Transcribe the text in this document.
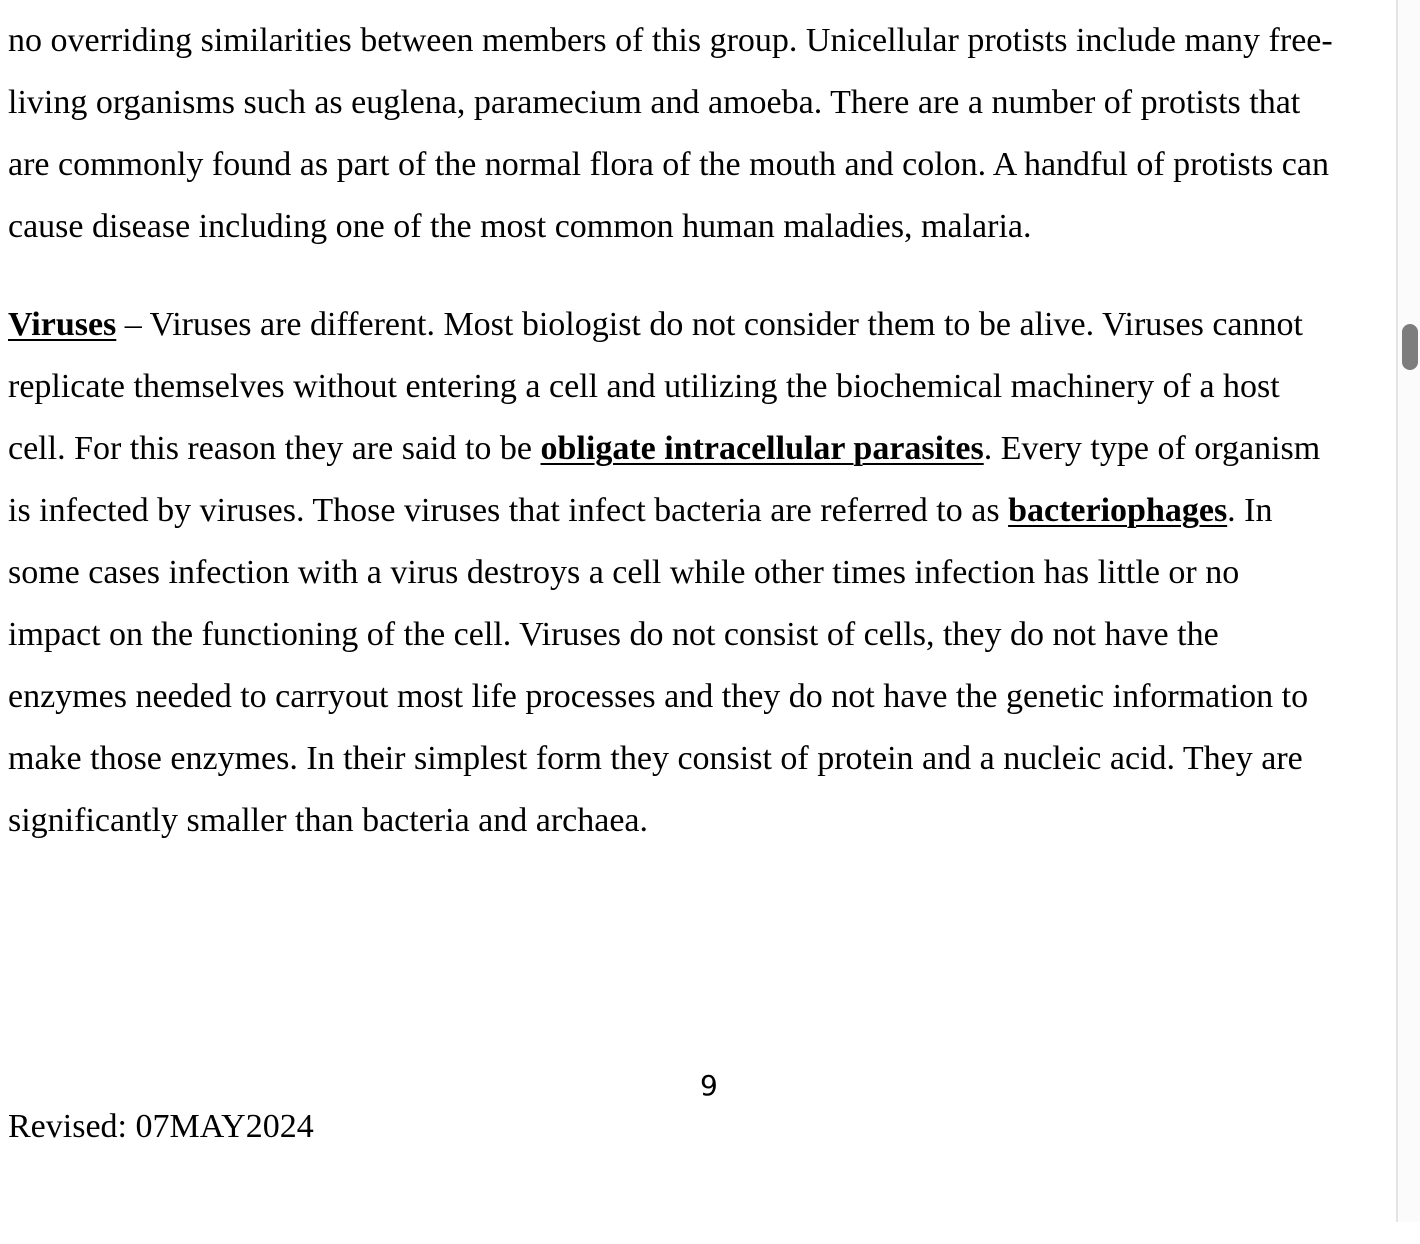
no overriding similarities between members of this group. Unicellular protists include many free-
living organisms such as euglena, paramecium and amoeba. There are a number of protists that
are commonly found as part of the normal flora of the mouth and colon. A handful of protists can
cause disease including one of the most common human maladies, malaria.
Viruses – Viruses are different. Most biologist do not consider them to be alive. Viruses cannot
replicate themselves without entering a cell and utilizing the biochemical machinery of a host
cell. For this reason they are said to be obligate intracellular parasites. Every type of organism
is infected by viruses. Those viruses that infect bacteria are referred to as bacteriophages. In
some cases infection with a virus destroys a cell while other times infection has little or no
impact on the functioning of the cell. Viruses do not consist of cells, they do not have the
enzymes needed to carryout most life processes and they do not have the genetic information to
make those enzymes. In their simplest form they consist of protein and a nucleic acid. They are
significantly smaller than bacteria and archaea.
9
Revised: 07MAY2024
